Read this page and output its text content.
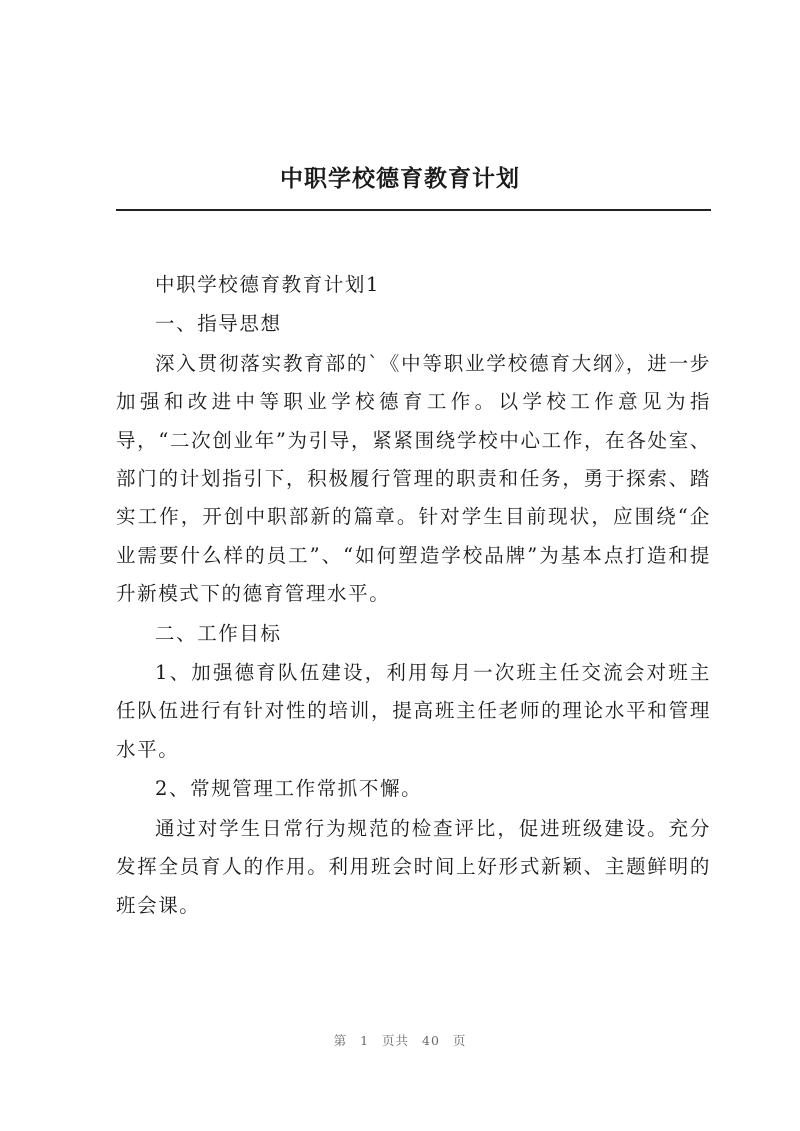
中职学校德育教育计划

中职学校德育教育计划1

一、指导思想

深入贯彻落实教育部的`《中等职业学校德育大纲》，进一步加强和改进中等职业学校德育工作。以学校工作意见为指导，“二次创业年”为引导，紧紧围绕学校中心工作，在各处室、部门的计划指引下，积极履行管理的职责和任务，勇于探索、踏实工作，开创中职部新的篇章。针对学生目前现状，应围绕“企业需要什么样的员工”、“如何塑造学校品牌”为基本点打造和提升新模式下的德育管理水平。

二、工作目标

1、加强德育队伍建设，利用每月一次班主任交流会对班主任队伍进行有针对性的培训，提高班主任老师的理论水平和管理水平。

2、常规管理工作常抓不懈。

通过对学生日常行为规范的检查评比，促进班级建设。充分发挥全员育人的作用。利用班会时间上好形式新颖、主题鲜明的班会课。

第 1 页共 40 页
